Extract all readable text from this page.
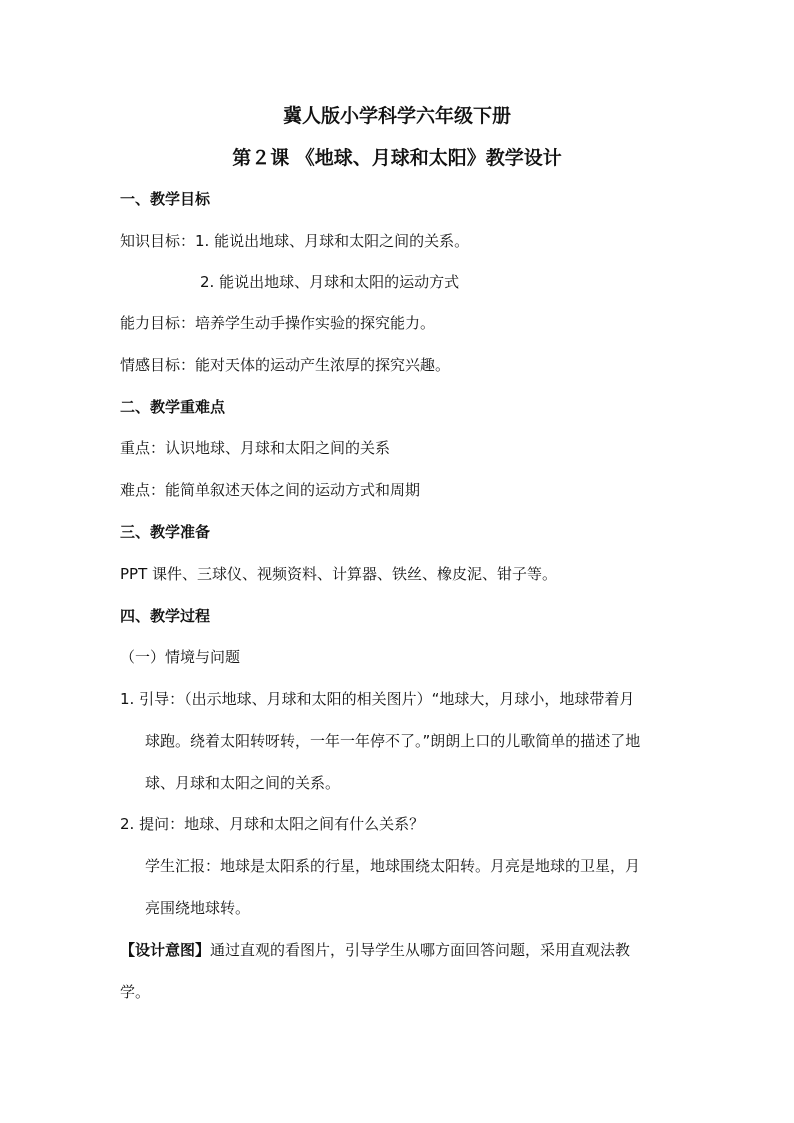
冀人版小学科学六年级下册
第２课 《地球、月球和太阳》教学设计
一、教学目标
知识目标：1. 能说出地球、月球和太阳之间的关系。
2. 能说出地球、月球和太阳的运动方式
能力目标：培养学生动手操作实验的探究能力。
情感目标：能对天体的运动产生浓厚的探究兴趣。
二、教学重难点
重点：认识地球、月球和太阳之间的关系
难点：能简单叙述天体之间的运动方式和周期
三、教学准备
PPT 课件、三球仪、视频资料、计算器、铁丝、橡皮泥、钳子等。
四、教学过程
（一）情境与问题
1. 引导：（出示地球、月球和太阳的相关图片）“地球大，月球小，地球带着月
球跑。绕着太阳转呀转，一年一年停不了。”朗朗上口的儿歌简单的描述了地
球、月球和太阳之间的关系。
2. 提问：地球、月球和太阳之间有什么关系？
学生汇报：地球是太阳系的行星，地球围绕太阳转。月亮是地球的卫星，月
亮围绕地球转。
【设计意图】通过直观的看图片，引导学生从哪方面回答问题，采用直观法教
学。
